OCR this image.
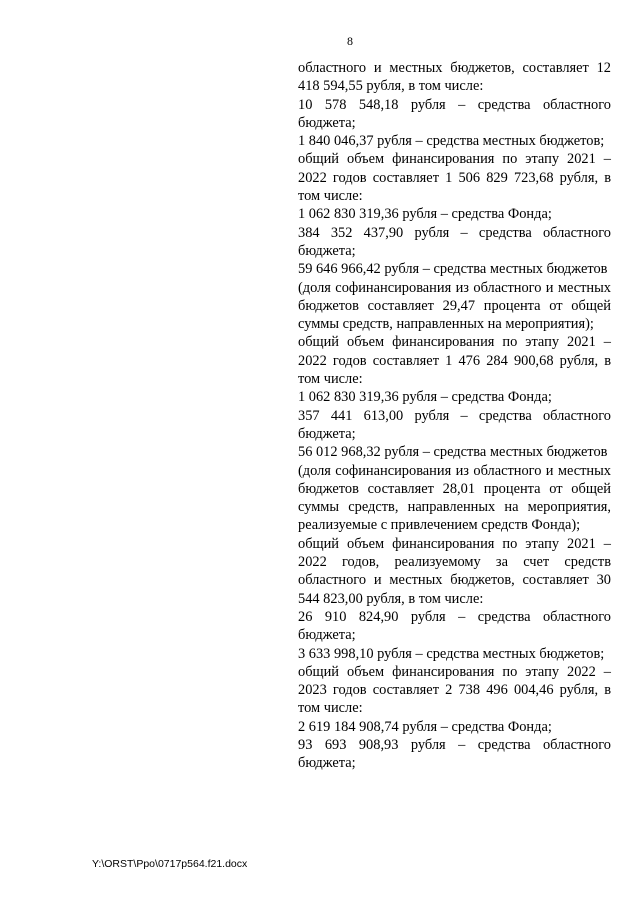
8

областного и местных бюджетов, составляет 12 418 594,55 рубля, в том числе:

10 578 548,18 рубля – средства областного бюджета;

1 840 046,37 рубля – средства местных бюджетов;

общий объем финансирования по этапу 2021 – 2022 годов составляет 1 506 829 723,68 рубля, в том числе:

1 062 830 319,36 рубля – средства Фонда;

384 352 437,90 рубля – средства областного бюджета;

59 646 966,42 рубля – средства местных бюджетов

(доля софинансирования из областного и местных бюджетов составляет 29,47 процента от общей суммы средств, направленных на мероприятия);

общий объем финансирования по этапу 2021 – 2022 годов составляет 1 476 284 900,68 рубля, в том числе:

1 062 830 319,36 рубля – средства Фонда;

357 441 613,00 рубля – средства областного бюджета;

56 012 968,32 рубля – средства местных бюджетов

(доля софинансирования из областного и местных бюджетов составляет 28,01 процента от общей суммы средств, направленных на мероприятия, реализуемые с привлечением средств Фонда);

общий объем финансирования по этапу 2021 – 2022 годов, реализуемому за счет средств областного и местных бюджетов, составляет 30 544 823,00 рубля, в том числе:

26 910 824,90 рубля – средства областного бюджета;

3 633 998,10 рубля – средства местных бюджетов;

общий объем финансирования по этапу 2022 – 2023 годов составляет 2 738 496 004,46 рубля, в том числе:

2 619 184 908,74 рубля – средства Фонда;

93 693 908,93 рубля – средства областного бюджета;

Y:\ORST\Ppo\0717p564.f21.docx
